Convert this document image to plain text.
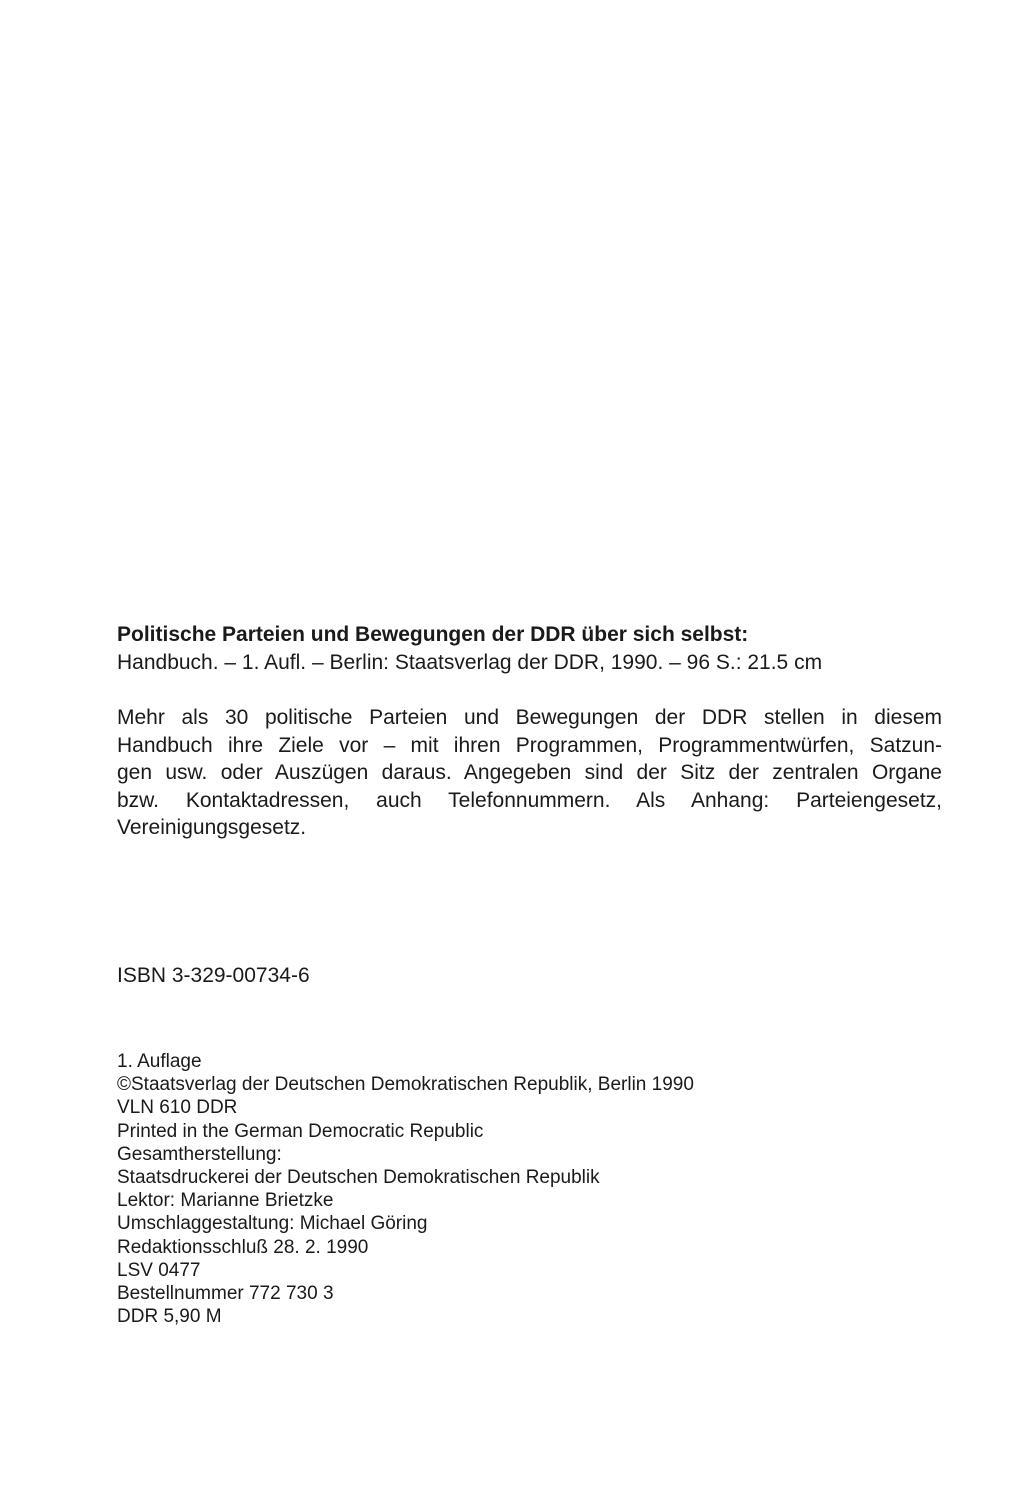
Politische Parteien und Bewegungen der DDR über sich selbst:
Handbuch. – 1. Aufl. – Berlin: Staatsverlag der DDR, 1990. – 96 S.: 21.5 cm
Mehr als 30 politische Parteien und Bewegungen der DDR stellen in diesem
Handbuch ihre Ziele vor – mit ihren Programmen, Programmentwürfen, Satzun-
gen usw. oder Auszügen daraus. Angegeben sind der Sitz der zentralen Organe
bzw. Kontaktadressen, auch Telefonnummern. Als Anhang: Parteiengesetz,
Vereinigungsgesetz.
ISBN 3-329-00734-6
1. Auflage
©Staatsverlag der Deutschen Demokratischen Republik, Berlin 1990
VLN 610 DDR
Printed in the German Democratic Republic
Gesamtherstellung:
Staatsdruckerei der Deutschen Demokratischen Republik
Lektor: Marianne Brietzke
Umschlaggestaltung: Michael Göring
Redaktionsschluß 28. 2. 1990
LSV 0477
Bestellnummer 772 730 3
DDR 5,90 M
